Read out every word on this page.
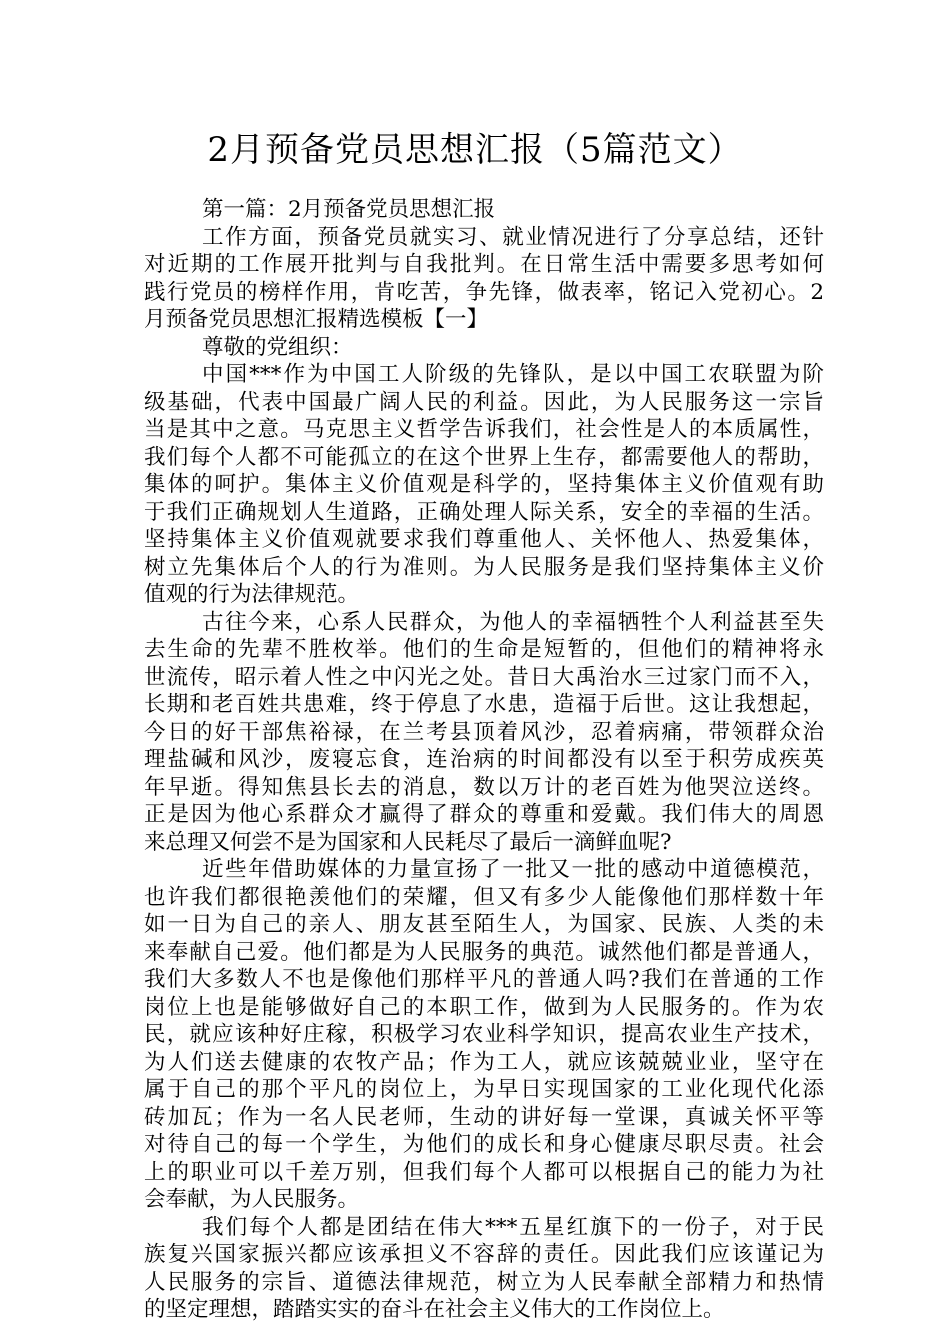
2月预备党员思想汇报（5篇范文）
第一篇：2月预备党员思想汇报
工作方面，预备党员就实习、就业情况进行了分享总结，还针
对近期的工作展开批判与自我批判。在日常生活中需要多思考如何
践行党员的榜样作用，肯吃苦，争先锋，做表率，铭记入党初心。2
月预备党员思想汇报精选模板【一】
尊敬的党组织：
中国***作为中国工人阶级的先锋队，是以中国工农联盟为阶
级基础，代表中国最广阔人民的利益。因此，为人民服务这一宗旨
当是其中之意。马克思主义哲学告诉我们，社会性是人的本质属性，
我们每个人都不可能孤立的在这个世界上生存，都需要他人的帮助，
集体的呵护。集体主义价值观是科学的，坚持集体主义价值观有助
于我们正确规划人生道路，正确处理人际关系，安全的幸福的生活。
坚持集体主义价值观就要求我们尊重他人、关怀他人、热爱集体，
树立先集体后个人的行为准则。为人民服务是我们坚持集体主义价
值观的行为法律规范。
古往今来，心系人民群众，为他人的幸福牺牲个人利益甚至失
去生命的先辈不胜枚举。他们的生命是短暂的，但他们的精神将永
世流传，昭示着人性之中闪光之处。昔日大禹治水三过家门而不入，
长期和老百姓共患难，终于停息了水患，造福于后世。这让我想起，
今日的好干部焦裕禄，在兰考县顶着风沙，忍着病痛，带领群众治
理盐碱和风沙，废寝忘食，连治病的时间都没有以至于积劳成疾英
年早逝。得知焦县长去的消息，数以万计的老百姓为他哭泣送终。
正是因为他心系群众才赢得了群众的尊重和爱戴。我们伟大的周恩
来总理又何尝不是为国家和人民耗尽了最后一滴鲜血呢?
近些年借助媒体的力量宣扬了一批又一批的感动中道德模范，
也许我们都很艳羡他们的荣耀，但又有多少人能像他们那样数十年
如一日为自己的亲人、朋友甚至陌生人，为国家、民族、人类的未
来奉献自己爱。他们都是为人民服务的典范。诚然他们都是普通人，
我们大多数人不也是像他们那样平凡的普通人吗?我们在普通的工作
岗位上也是能够做好自己的本职工作，做到为人民服务的。作为农
民，就应该种好庄稼，积极学习农业科学知识，提高农业生产技术，
为人们送去健康的农牧产品；作为工人，就应该兢兢业业，坚守在
属于自己的那个平凡的岗位上，为早日实现国家的工业化现代化添
砖加瓦；作为一名人民老师，生动的讲好每一堂课，真诚关怀平等
对待自己的每一个学生，为他们的成长和身心健康尽职尽责。社会
上的职业可以千差万别，但我们每个人都可以根据自己的能力为社
会奉献，为人民服务。
我们每个人都是团结在伟大***五星红旗下的一份子，对于民
族复兴国家振兴都应该承担义不容辞的责任。因此我们应该谨记为
人民服务的宗旨、道德法律规范，树立为人民奉献全部精力和热情
的坚定理想，踏踏实实的奋斗在社会主义伟大的工作岗位上。
